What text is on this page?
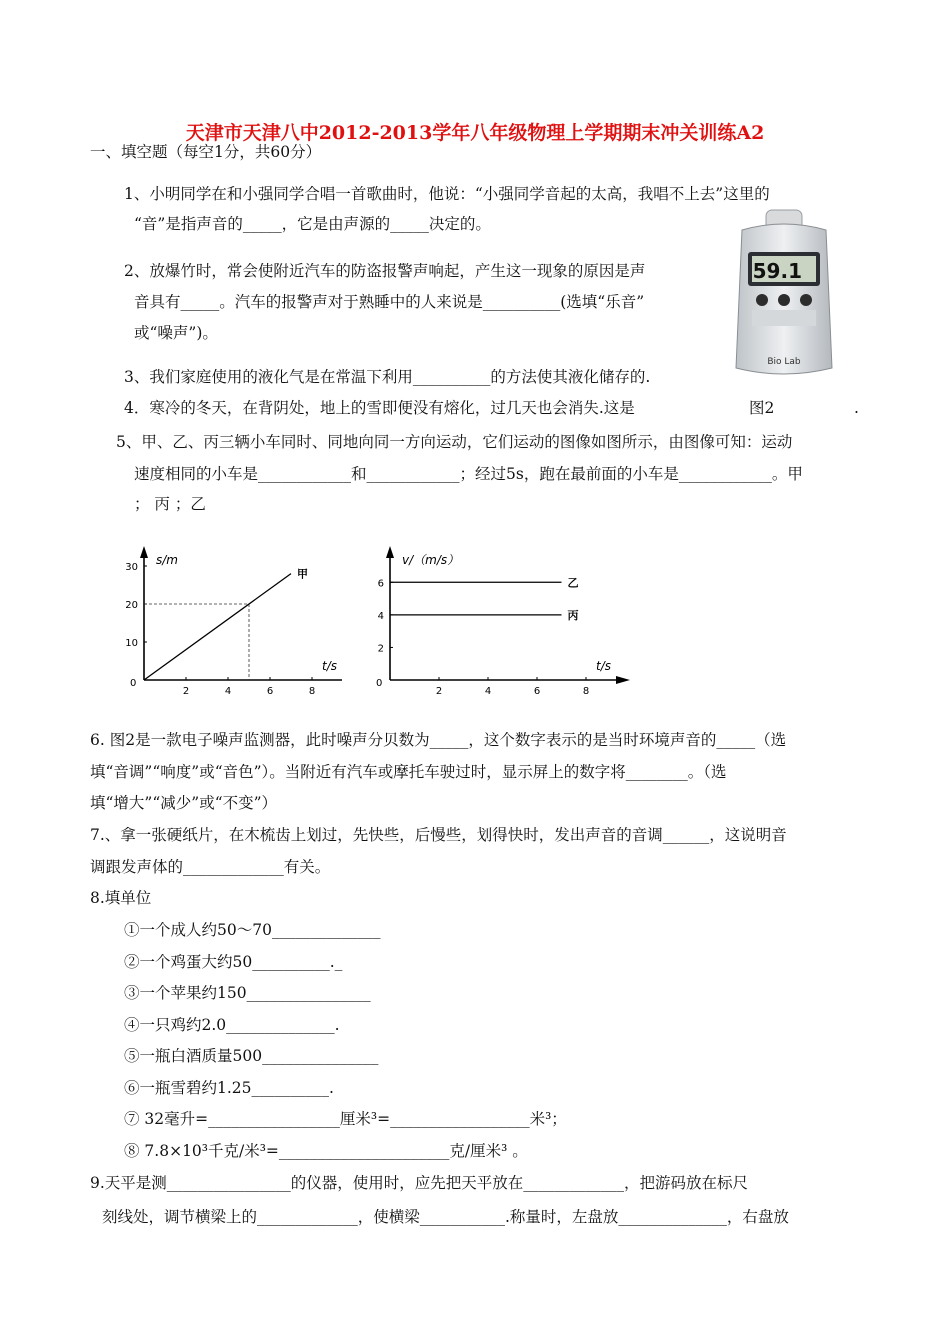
天津市天津八中2012-2013学年八年级物理上学期期末冲关训练A2
一、填空题（每空1分，共60分）
1、小明同学在和小强同学合唱一首歌曲时，他说：“小强同学音起的太高，我唱不上去”这里的
“音”是指声音的_____，它是由声源的_____决定的。
2、放爆竹时，常会使附近汽车的防盗报警声响起，产生这一现象的原因是声
音具有_____。汽车的报警声对于熟睡中的人来说是__________(选填“乐音”
或“噪声”)。
59.1
Bio Lab
3、我们家庭使用的液化气是在常温下利用__________的方法使其液化储存的.
4．寒冷的冬天，在背阴处，地上的雪即便没有熔化，过几天也会消失.这是	图2	.
5、甲、乙、丙三辆小车同时、同地向同一方向运动，它们运动的图像如图所示，由图像可知：运动
速度相同的小车是____________和____________；经过5s，跑在最前面的小车是____________。甲
； 丙 ；乙
s/m
t/s
0
2	4	6	8
10
20
30
甲
v/（m/s）
t/s
0
2	4	6	8
2
4
6	乙
丙
6. 图2是一款电子噪声监测器，此时噪声分贝数为_____，这个数字表示的是当时环境声音的_____（选
填“音调”“响度”或“音色”）。当附近有汽车或摩托车驶过时，显示屏上的数字将________。（选
填“增大”“减少”或“不变”）
7.、拿一张硬纸片，在木梳齿上划过，先快些，后慢些，划得快时，发出声音的音调______，这说明音
调跟发声体的_____________有关。
8.填单位
①一个成人约50～70______________
②一个鸡蛋大约50__________._
③一个苹果约150________________
④一只鸡约2.0______________.
⑤一瓶白酒质量500_______________
⑥一瓶雪碧约1.25__________.
⑦ 32毫升=_________________厘米³=__________________米³；
⑧ 7.8×10³千克/米³=______________________克/厘米³ 。
9.天平是测________________的仪器，使用时，应先把天平放在_____________，把游码放在标尺
刻线处，调节横梁上的_____________，使横梁___________.称量时，左盘放______________，右盘放
